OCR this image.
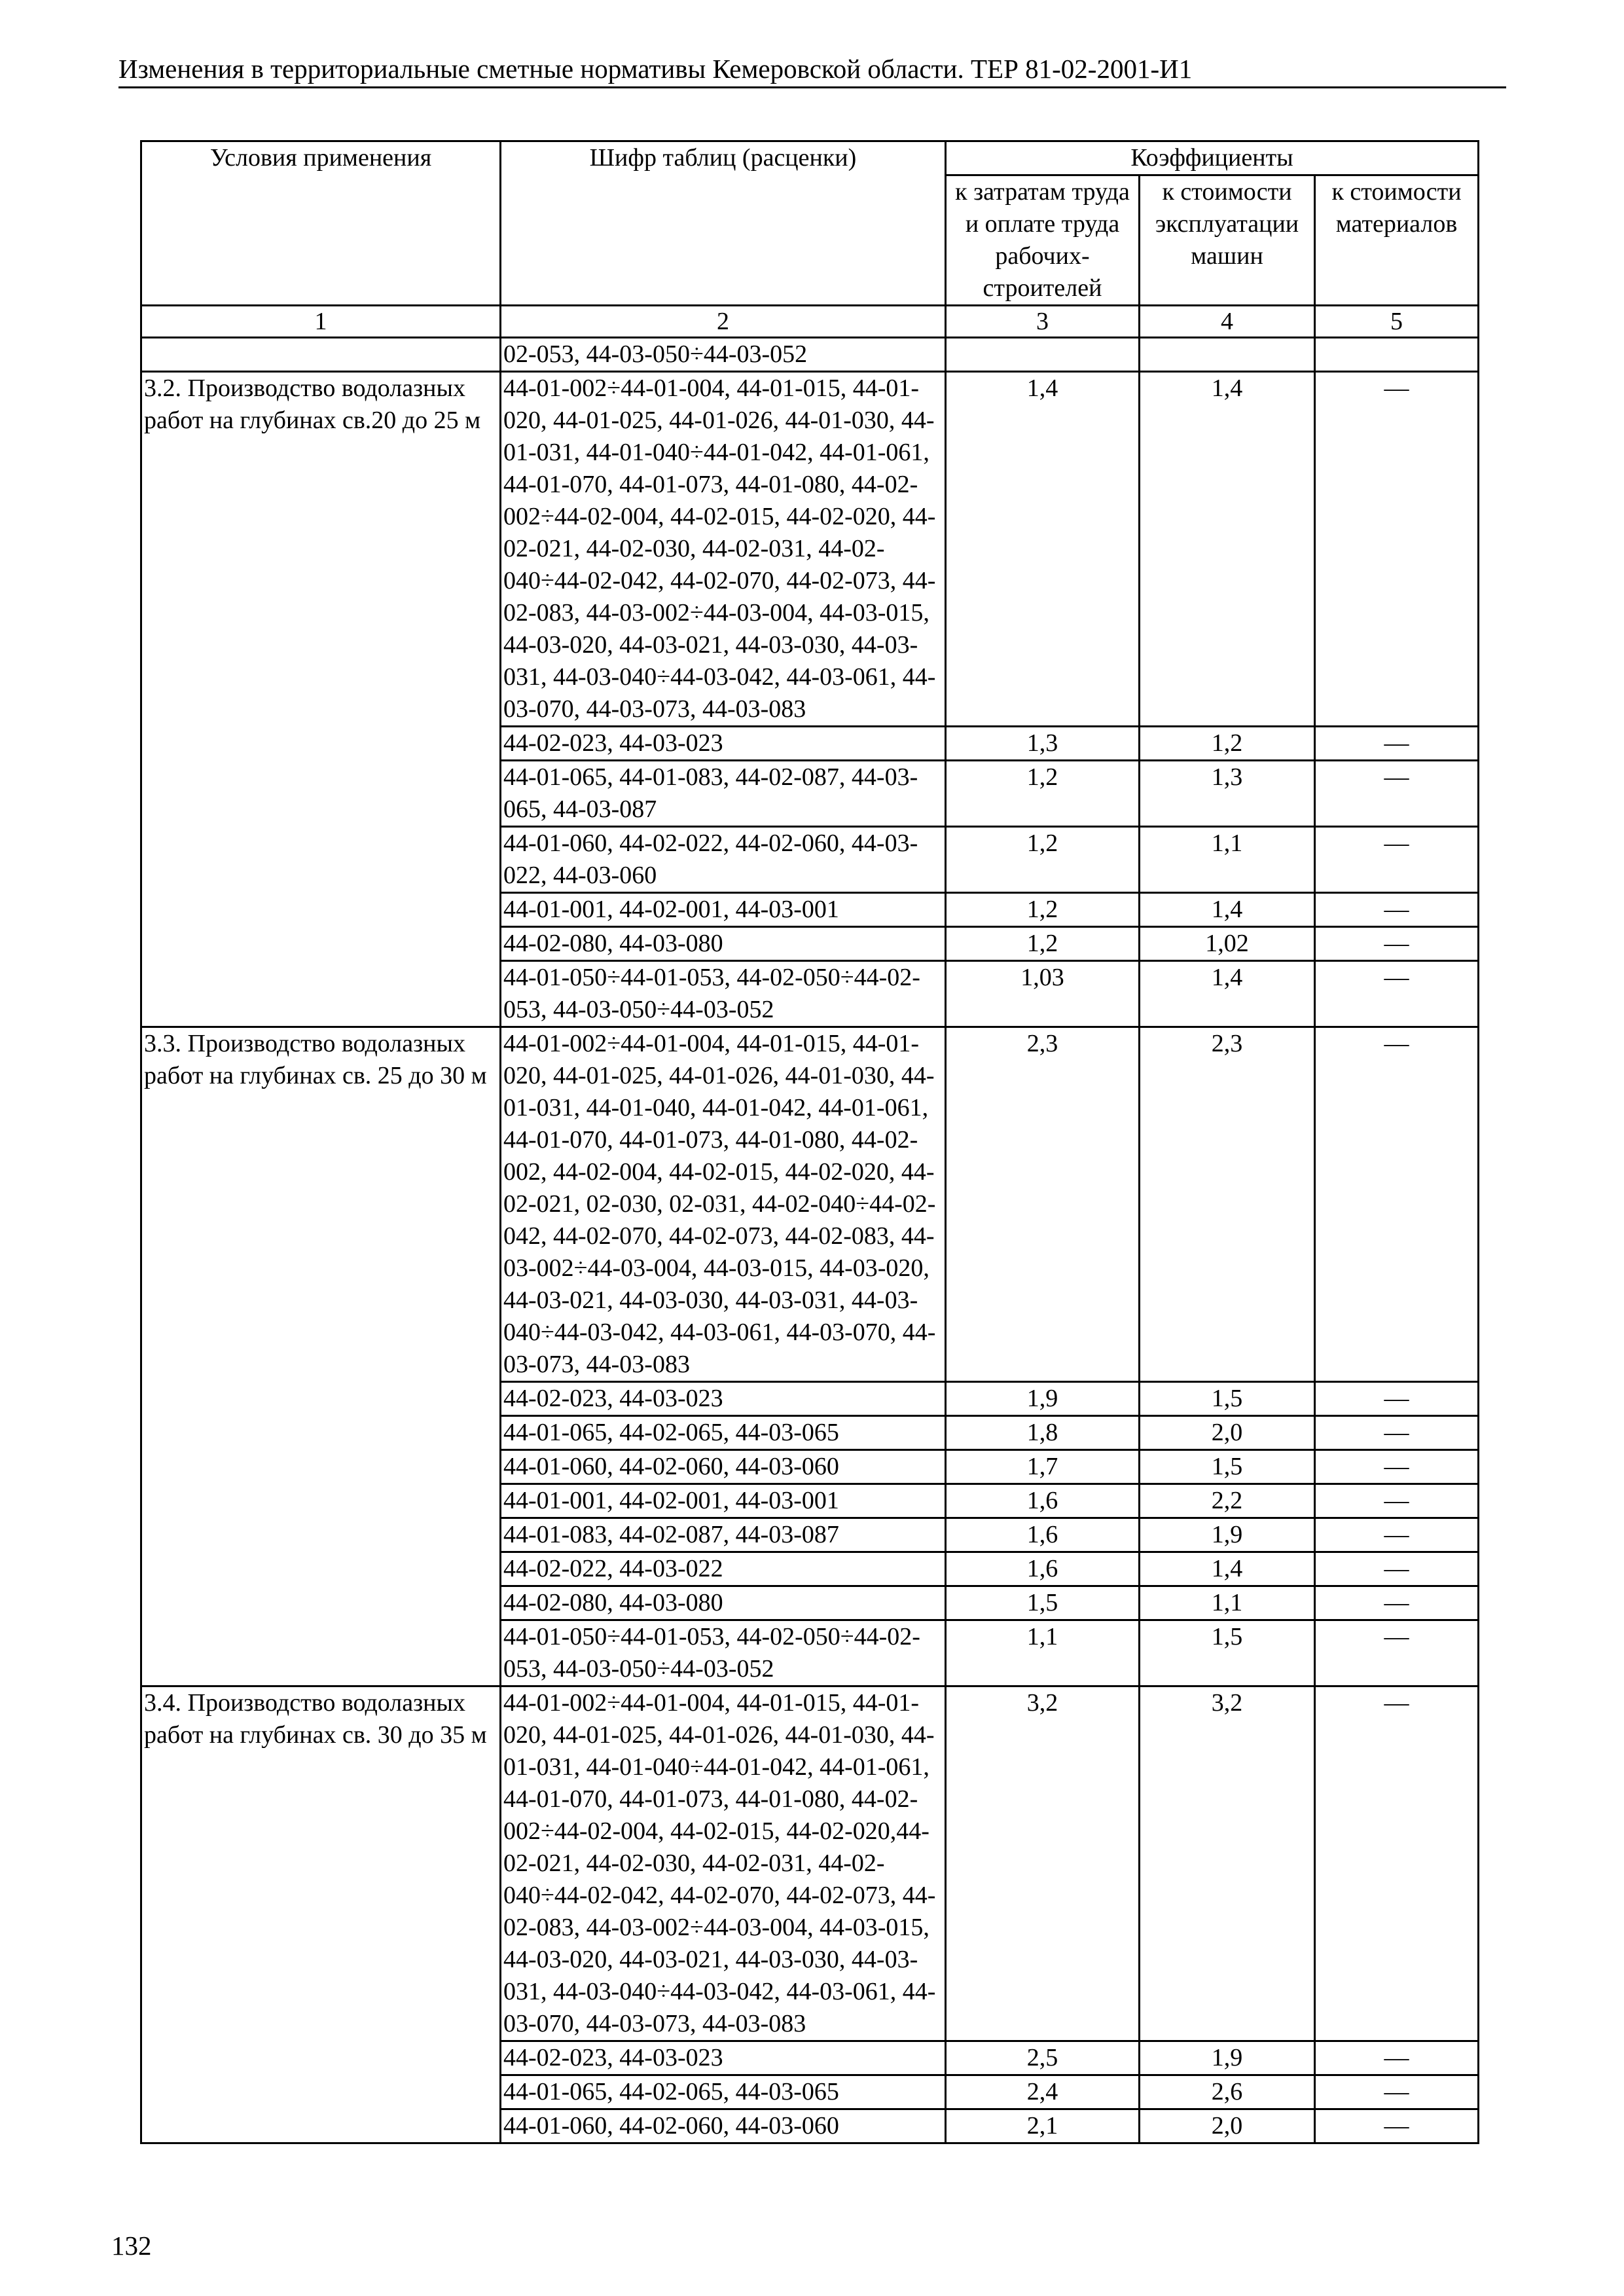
Изменения в территориальные сметные нормативы Кемеровской области. ТЕР 81-02-2001-И1
Условия применения	Шифр таблиц (расценки)	Коэффициенты		
		к затратам труда и оплате труда рабочих-строителей	к стоимости эксплуатации машин	к стоимости материалов
1	2	3	4	5
	02-053, 44-03-050÷44-03-052			
3.2. Производство водолазных работ на глубинах св.20 до 25 м	44-01-002÷44-01-004, 44-01-015, 44-01-020, 44-01-025, 44-01-026, 44-01-030, 44-01-031, 44-01-040÷44-01-042, 44-01-061, 44-01-070, 44-01-073, 44-01-080, 44-02-002÷44-02-004, 44-02-015, 44-02-020, 44-02-021, 44-02-030, 44-02-031, 44-02-040÷44-02-042, 44-02-070, 44-02-073, 44-02-083, 44-03-002÷44-03-004, 44-03-015, 44-03-020, 44-03-021, 44-03-030, 44-03-031, 44-03-040÷44-03-042, 44-03-061, 44-03-070, 44-03-073, 44-03-083	1,4	1,4	—
	44-02-023, 44-03-023	1,3	1,2	—
	44-01-065, 44-01-083, 44-02-087, 44-03-065, 44-03-087	1,2	1,3	—
	44-01-060, 44-02-022, 44-02-060, 44-03-022, 44-03-060	1,2	1,1	—
	44-01-001, 44-02-001, 44-03-001	1,2	1,4	—
	44-02-080, 44-03-080	1,2	1,02	—
	44-01-050÷44-01-053, 44-02-050÷44-02-053, 44-03-050÷44-03-052	1,03	1,4	—
3.3. Производство водолазных работ на глубинах св. 25 до 30 м	44-01-002÷44-01-004, 44-01-015, 44-01-020, 44-01-025, 44-01-026, 44-01-030, 44-01-031, 44-01-040, 44-01-042, 44-01-061, 44-01-070, 44-01-073, 44-01-080, 44-02-002, 44-02-004, 44-02-015, 44-02-020, 44-02-021, 02-030, 02-031, 44-02-040÷44-02-042, 44-02-070, 44-02-073, 44-02-083, 44-03-002÷44-03-004, 44-03-015, 44-03-020, 44-03-021, 44-03-030, 44-03-031, 44-03-040÷44-03-042, 44-03-061, 44-03-070, 44-03-073, 44-03-083	2,3	2,3	—
	44-02-023, 44-03-023	1,9	1,5	—
	44-01-065, 44-02-065, 44-03-065	1,8	2,0	—
	44-01-060, 44-02-060, 44-03-060	1,7	1,5	—
	44-01-001, 44-02-001, 44-03-001	1,6	2,2	—
	44-01-083, 44-02-087, 44-03-087	1,6	1,9	—
	44-02-022, 44-03-022	1,6	1,4	—
	44-02-080, 44-03-080	1,5	1,1	—
	44-01-050÷44-01-053, 44-02-050÷44-02-053, 44-03-050÷44-03-052	1,1	1,5	—
3.4. Производство водолазных работ на глубинах св. 30 до 35 м	44-01-002÷44-01-004, 44-01-015, 44-01-020, 44-01-025, 44-01-026, 44-01-030, 44-01-031, 44-01-040÷44-01-042, 44-01-061, 44-01-070, 44-01-073, 44-01-080, 44-02-002÷44-02-004, 44-02-015, 44-02-020,44-02-021, 44-02-030, 44-02-031, 44-02-040÷44-02-042, 44-02-070, 44-02-073, 44-02-083, 44-03-002÷44-03-004, 44-03-015, 44-03-020, 44-03-021, 44-03-030, 44-03-031, 44-03-040÷44-03-042, 44-03-061, 44-03-070, 44-03-073, 44-03-083	3,2	3,2	—
	44-02-023, 44-03-023	2,5	1,9	—
	44-01-065, 44-02-065, 44-03-065	2,4	2,6	—
	44-01-060, 44-02-060, 44-03-060	2,1	2,0	—
132
